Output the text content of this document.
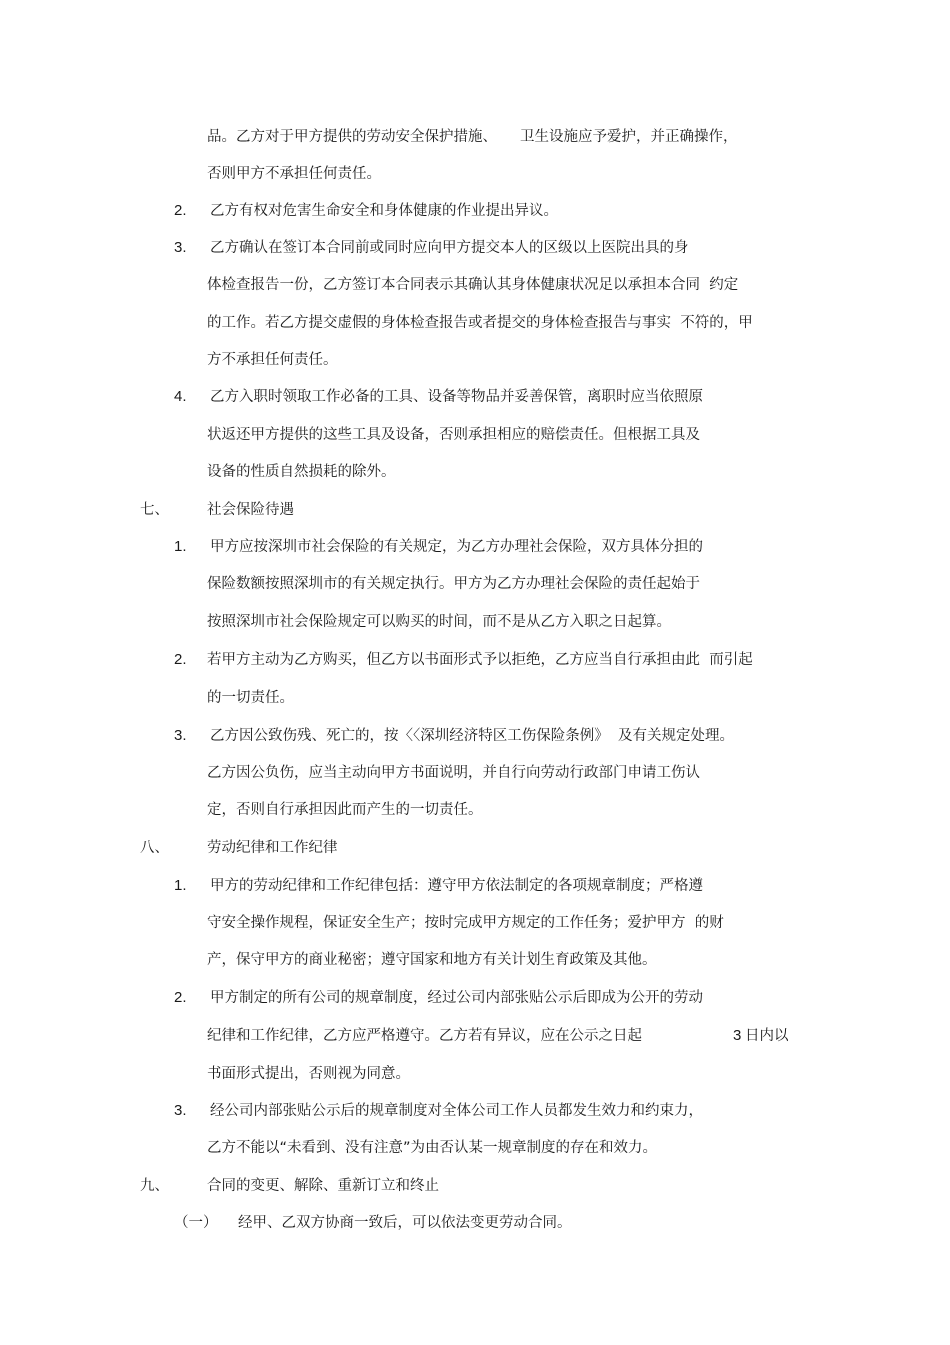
品。乙方对于甲方提供的劳动安全保护措施、     卫生设施应予爱护，并正确操作，
否则甲方不承担任何责任。
2. 乙方有权对危害生命安全和身体健康的作业提出异议。
3. 乙方确认在签订本合同前或同时应向甲方提交本人的区级以上医院出具的身
体检查报告一份，乙方签订本合同表示其确认其身体健康状况足以承担本合同  约定
的工作。若乙方提交虚假的身体检查报告或者提交的身体检查报告与事实  不符的，甲
方不承担任何责任。
4. 乙方入职时领取工作必备的工具、设备等物品并妥善保管，离职时应当依照原
状返还甲方提供的这些工具及设备，否则承担相应的赔偿责任。但根据工具及
设备的性质自然损耗的除外。
七、	社会保险待遇
1. 甲方应按深圳市社会保险的有关规定，为乙方办理社会保险，双方具体分担的
保险数额按照深圳市的有关规定执行。甲方为乙方办理社会保险的责任起始于
按照深圳市社会保险规定可以购买的时间，而不是从乙方入职之日起算。
2. 若甲方主动为乙方购买，但乙方以书面形式予以拒绝，乙方应当自行承担由此  而引起
的一切责任。
3. 乙方因公致伤残、死亡的，按〈〈深圳经济特区工伤保险条例》  及有关规定处理。
乙方因公负伤，应当主动向甲方书面说明，并自行向劳动行政部门申请工伤认
定，否则自行承担因此而产生的一切责任。
八、	劳动纪律和工作纪律
1. 甲方的劳动纪律和工作纪律包括：遵守甲方依法制定的各项规章制度；严格遵
守安全操作规程，保证安全生产；按时完成甲方规定的工作任务；爱护甲方  的财
产，保守甲方的商业秘密；遵守国家和地方有关计划生育政策及其他。
2. 甲方制定的所有公司的规章制度，经过公司内部张贴公示后即成为公开的劳动
纪律和工作纪律，乙方应严格遵守。乙方若有异议，应在公示之日起	3 日内以
书面形式提出，否则视为同意。
3. 经公司内部张贴公示后的规章制度对全体公司工作人员都发生效力和约束力，
乙方不能以“未看到、没有注意”为由否认某一规章制度的存在和效力。
九、	合同的变更、解除、重新订立和终止
（一） 经甲、乙双方协商一致后，可以依法变更劳动合同。
